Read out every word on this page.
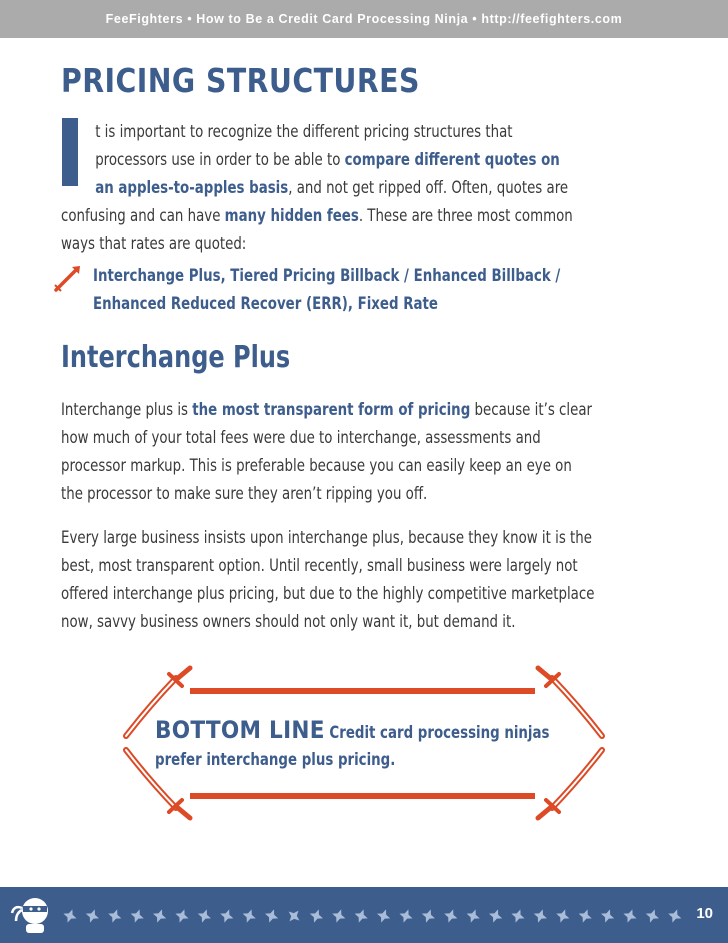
FeeFighters • How to Be a Credit Card Processing Ninja • http://feefighters.com
PRICING STRUCTURES

t is important to recognize the different pricing structures that
processors use in order to be able to compare different quotes on
an apples-to-apples basis, and not get ripped off. Often, quotes are
confusing and can have many hidden fees. These are three most common
ways that rates are quoted:

Interchange Plus, Tiered Pricing Billback / Enhanced Billback /
Enhanced Reduced Recover (ERR), Fixed Rate

Interchange Plus

Interchange plus is the most transparent form of pricing because it’s clear
how much of your total fees were due to interchange, assessments and
processor markup. This is preferable because you can easily keep an eye on
the processor to make sure they aren’t ripping you off.

Every large business insists upon interchange plus, because they know it is the
best, most transparent option. Until recently, small business were largely not
offered interchange plus pricing, but due to the highly competitive marketplace
now, savvy business owners should not only want it, but demand it.

BOTTOM LINE Credit card processing ninjas
prefer interchange plus pricing.

10
